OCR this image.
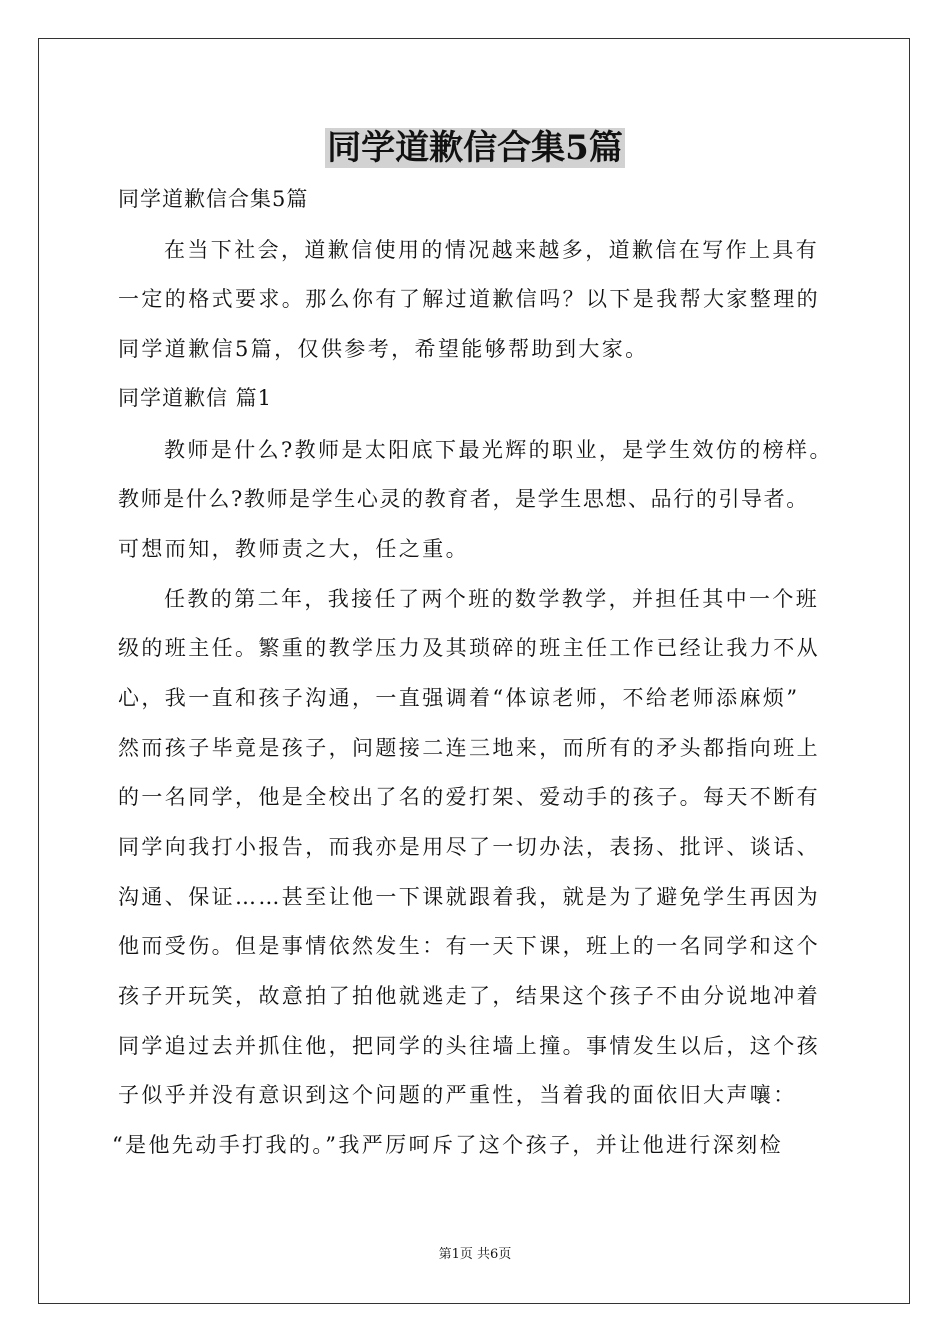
同学道歉信合集5篇
同学道歉信合集5篇
在当下社会，道歉信使用的情况越来越多，道歉信在写作上具有
一定的格式要求。那么你有了解过道歉信吗？以下是我帮大家整理的
同学道歉信5篇，仅供参考，希望能够帮助到大家。
同学道歉信 篇1
教师是什么?教师是太阳底下最光辉的职业，是学生效仿的榜样。
教师是什么?教师是学生心灵的教育者，是学生思想、品行的引导者。
可想而知，教师责之大，任之重。
任教的第二年，我接任了两个班的数学教学，并担任其中一个班
级的班主任。繁重的教学压力及其琐碎的班主任工作已经让我力不从
心，我一直和孩子沟通，一直强调着“体谅老师，不给老师添麻烦”
然而孩子毕竟是孩子，问题接二连三地来，而所有的矛头都指向班上
的一名同学，他是全校出了名的爱打架、爱动手的孩子。每天不断有
同学向我打小报告，而我亦是用尽了一切办法，表扬、批评、谈话、
沟通、保证……甚至让他一下课就跟着我，就是为了避免学生再因为
他而受伤。但是事情依然发生：有一天下课，班上的一名同学和这个
孩子开玩笑，故意拍了拍他就逃走了，结果这个孩子不由分说地冲着
同学追过去并抓住他，把同学的头往墙上撞。事情发生以后，这个孩
子似乎并没有意识到这个问题的严重性，当着我的面依旧大声嚷：
“是他先动手打我的。”我严厉呵斥了这个孩子，并让他进行深刻检
第1页 共6页
